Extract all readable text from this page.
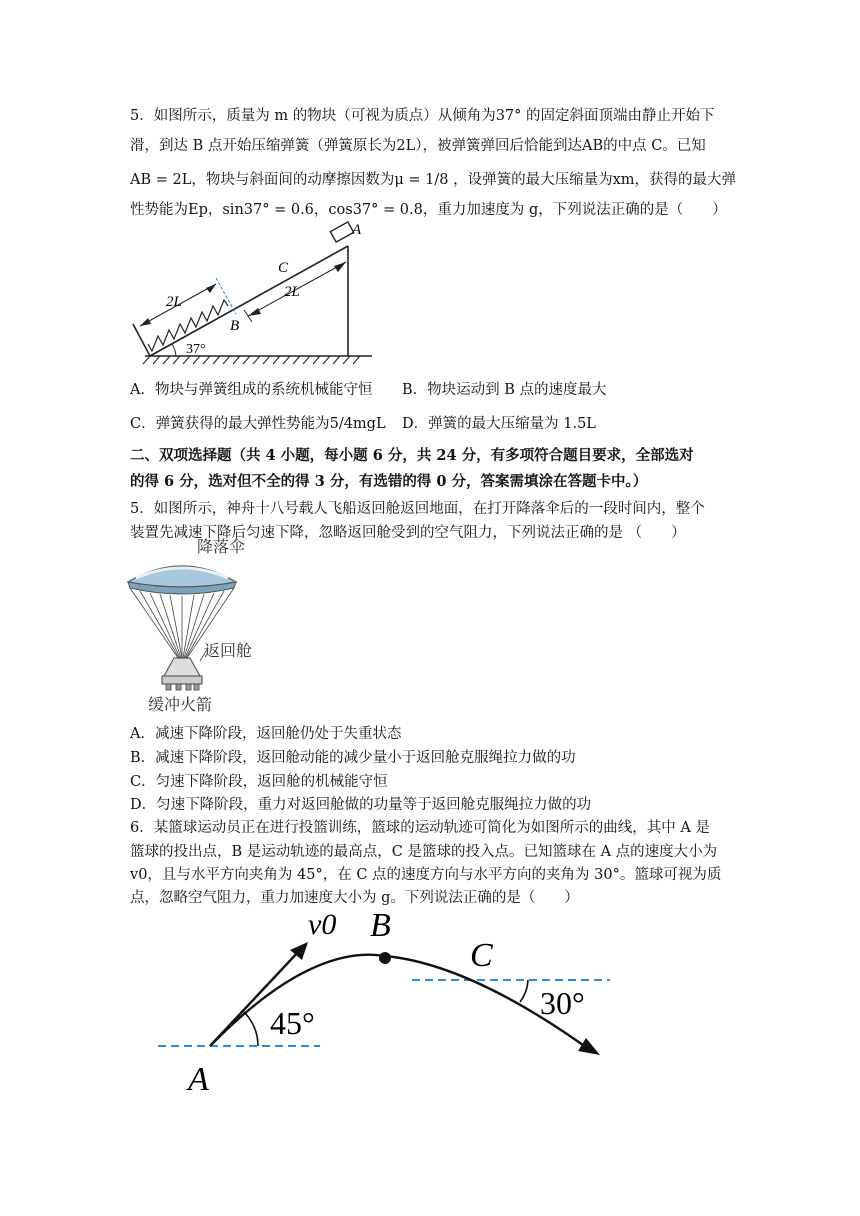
5．如图所示，质量为 m 的物块（可视为质点）从倾角为37° 的固定斜面顶端由静止开始下
滑，到达 B 点开始压缩弹簧（弹簧原长为2L），被弹簧弹回后恰能到达AB的中点 C。已知
AB = 2L，物块与斜面间的动摩擦因数为μ = 1/8 ，设弹簧的最大压缩量为xm，获得的最大弹
性势能为Ep，sin37° = 0.6，cos37° = 0.8，重力加速度为 g，下列说法正确的是（　　）
A
C
2L
2L
B
37°
A．物块与弹簧组成的系统机械能守恒 B．物块运动到 B 点的速度最大
C．弹簧获得的最大弹性势能为5/4mgL D．弹簧的最大压缩量为 1.5L
二、双项选择题（共 4 小题，每小题 6 分，共 24 分，有多项符合题目要求，全部选对
的得 6 分，选对但不全的得 3 分，有选错的得 0 分，答案需填涂在答题卡中。）
5．如图所示，神舟十八号载人飞船返回舱返回地面，在打开降落伞后的一段时间内，整个
装置先减速下降后匀速下降，忽略返回舱受到的空气阻力，下列说法正确的是 （　　）
降落伞
返回舱
缓冲火箭
A．减速下降阶段，返回舱仍处于失重状态
B．减速下降阶段，返回舱动能的减少量小于返回舱克服绳拉力做的功
C．匀速下降阶段，返回舱的机械能守恒
D．匀速下降阶段，重力对返回舱做的功量等于返回舱克服绳拉力做的功
6．某篮球运动员正在进行投篮训练，篮球的运动轨迹可简化为如图所示的曲线，其中 A 是
篮球的投出点，B 是运动轨迹的最高点，C 是篮球的投入点。已知篮球在 A 点的速度大小为
v0，且与水平方向夹角为 45°，在 C 点的速度方向与水平方向的夹角为 30°。篮球可视为质
点，忽略空气阻力，重力加速度大小为 g。下列说法正确的是（　　）
v0 B
C
30°
45°
A
